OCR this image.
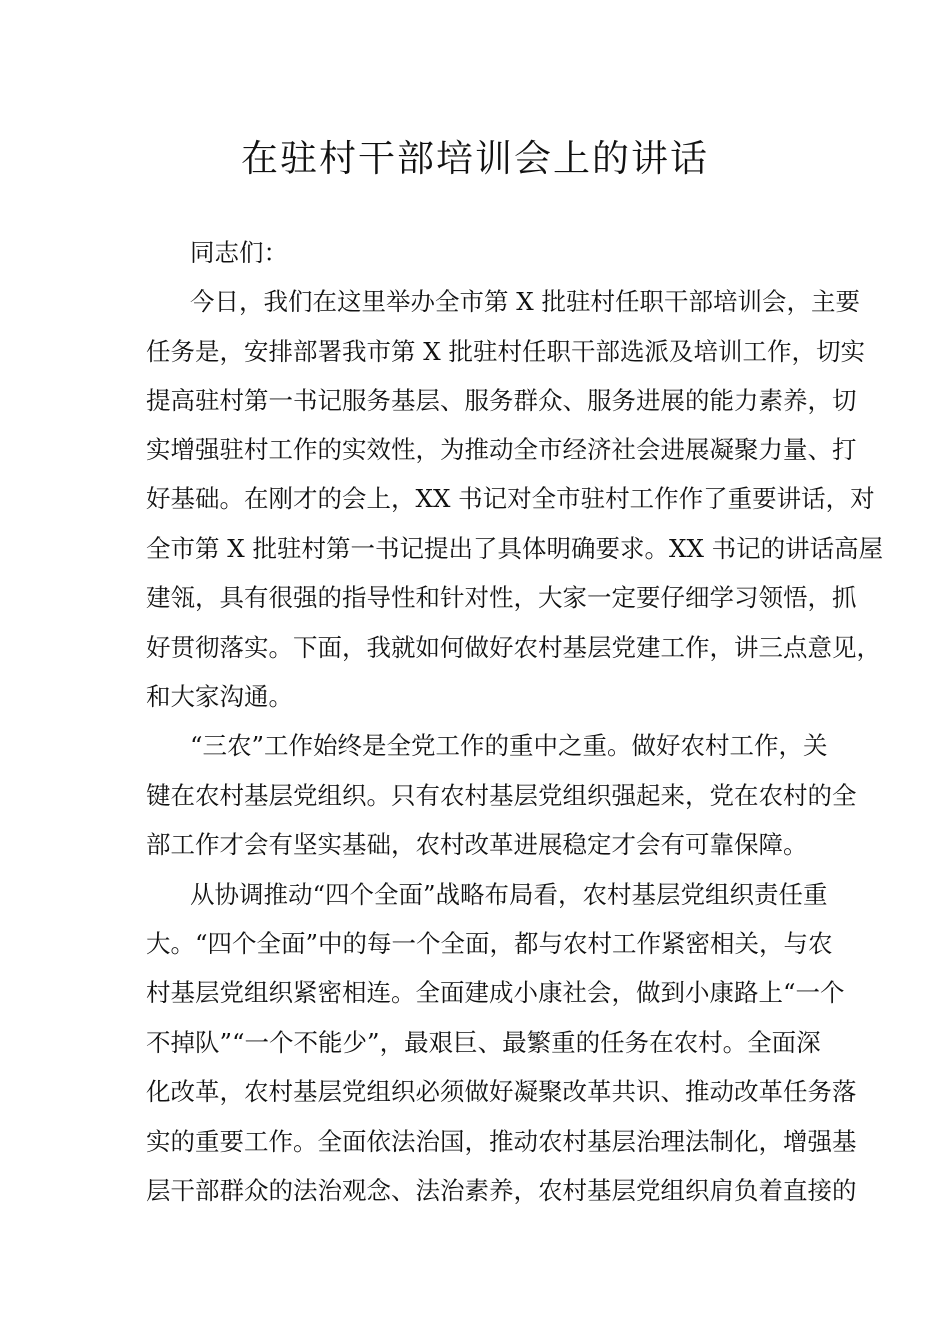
在驻村干部培训会上的讲话
同志们：
今日，我们在这里举办全市第 X 批驻村任职干部培训会，主要
任务是，安排部署我市第 X 批驻村任职干部选派及培训工作，切实
提高驻村第一书记服务基层、服务群众、服务进展的能力素养，切
实增强驻村工作的实效性，为推动全市经济社会进展凝聚力量、打
好基础。在刚才的会上，XX 书记对全市驻村工作作了重要讲话，对
全市第 X 批驻村第一书记提出了具体明确要求。XX 书记的讲话高屋
建瓴，具有很强的指导性和针对性，大家一定要仔细学习领悟，抓
好贯彻落实。下面，我就如何做好农村基层党建工作，讲三点意见，
和大家沟通。
“三农”工作始终是全党工作的重中之重。做好农村工作，关
键在农村基层党组织。只有农村基层党组织强起来，党在农村的全
部工作才会有坚实基础，农村改革进展稳定才会有可靠保障。
从协调推动“四个全面”战略布局看，农村基层党组织责任重
大。“四个全面”中的每一个全面，都与农村工作紧密相关，与农
村基层党组织紧密相连。全面建成小康社会，做到小康路上“一个
不掉队”“一个不能少”，最艰巨、最繁重的任务在农村。全面深
化改革，农村基层党组织必须做好凝聚改革共识、推动改革任务落
实的重要工作。全面依法治国，推动农村基层治理法制化，增强基
层干部群众的法治观念、法治素养，农村基层党组织肩负着直接的
